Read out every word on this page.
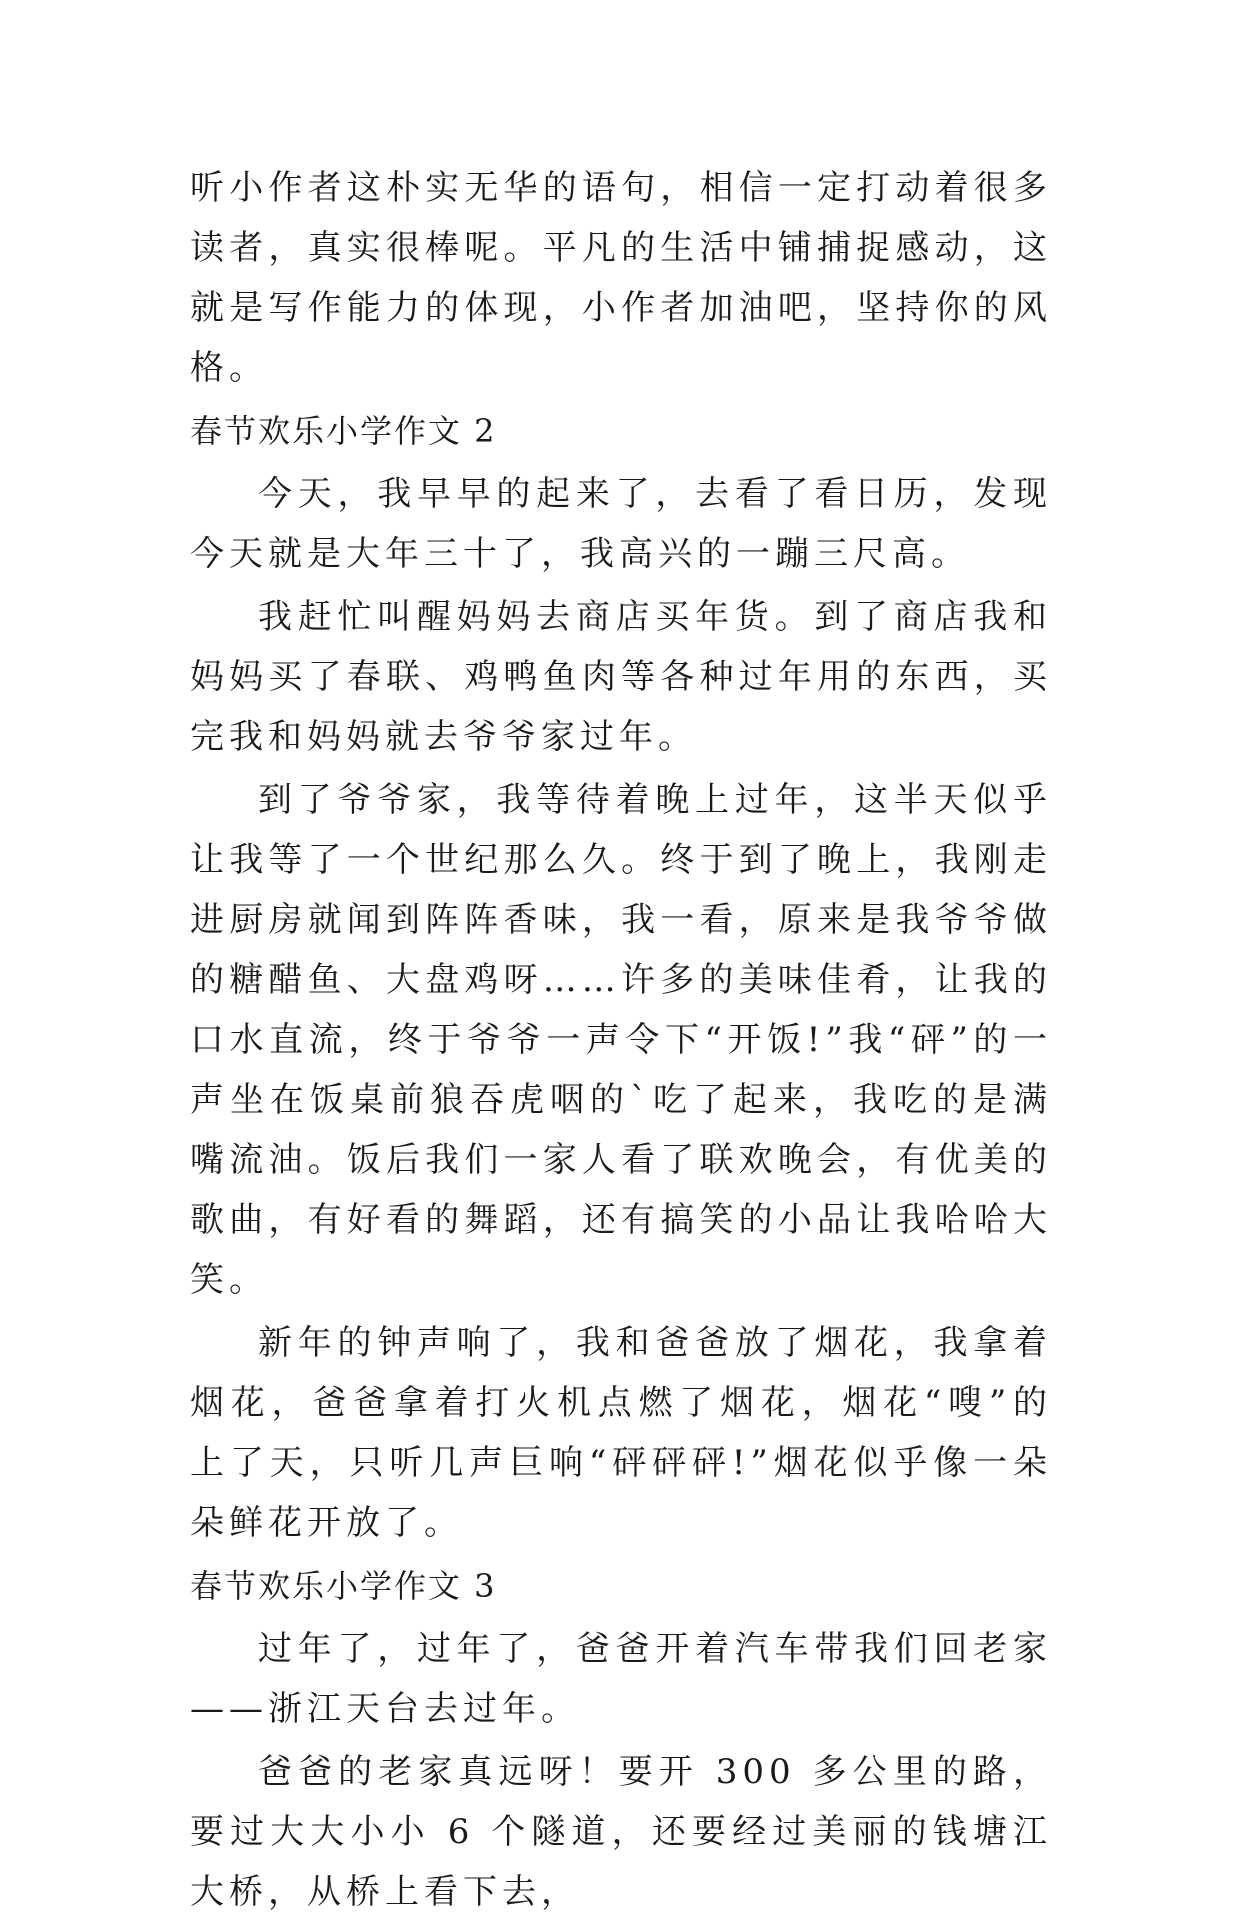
听小作者这朴实无华的语句，相信一定打动着很多读者，真实很棒呢。平凡的生活中铺捕捉感动，这就是写作能力的体现，小作者加油吧，坚持你的风格。

春节欢乐小学作文 2

今天，我早早的起来了，去看了看日历，发现今天就是大年三十了，我高兴的一蹦三尺高。

我赶忙叫醒妈妈去商店买年货。到了商店我和妈妈买了春联、鸡鸭鱼肉等各种过年用的东西，买完我和妈妈就去爷爷家过年。

到了爷爷家，我等待着晚上过年，这半天似乎让我等了一个世纪那么久。终于到了晚上，我刚走进厨房就闻到阵阵香味，我一看，原来是我爷爷做的糖醋鱼、大盘鸡呀……许多的美味佳肴，让我的口水直流，终于爷爷一声令下“开饭!”我“砰”的一声坐在饭桌前狼吞虎咽的`吃了起来，我吃的是满嘴流油。饭后我们一家人看了联欢晚会，有优美的歌曲，有好看的舞蹈，还有搞笑的小品让我哈哈大笑。

新年的钟声响了，我和爸爸放了烟花，我拿着烟花，爸爸拿着打火机点燃了烟花，烟花“嗖”的上了天，只听几声巨响“砰砰砰!”烟花似乎像一朵朵鲜花开放了。

春节欢乐小学作文 3

过年了，过年了，爸爸开着汽车带我们回老家——浙江天台去过年。

爸爸的老家真远呀！要开 300 多公里的路，要过大大小小 6 个隧道，还要经过美丽的钱塘江大桥，从桥上看下去，
